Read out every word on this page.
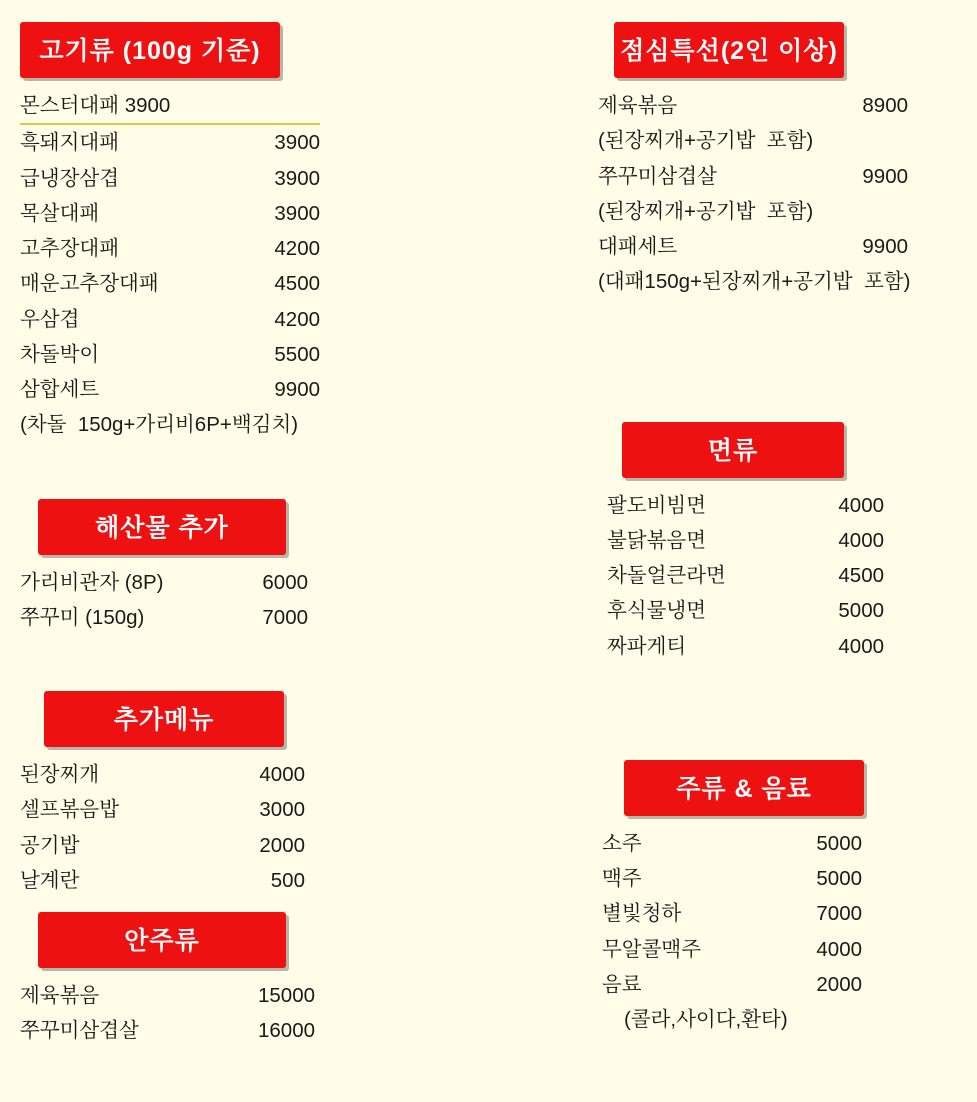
고기류 (100g 기준)
몬스터대패 3900
흑돼지대패	3900
급냉장삼겹	3900
목살대패	3900
고추장대패	4200
매운고추장대패	4500
우삼겹	4200
차돌박이	5500
삼합세트	9900
(차돌  150g+가리비6P+백김치)
해산물 추가
가리비관자 (8P)	6000
쭈꾸미 (150g)	7000
추가메뉴
된장찌개	4000
셀프볶음밥	3000
공기밥	2000
날계란	500
안주류
제육볶음	15000
쭈꾸미삼겹살	16000
점심특선(2인 이상)
제육볶음	8900
(된장찌개+공기밥  포함)
쭈꾸미삼겹살	9900
(된장찌개+공기밥  포함)
대패세트	9900
(대패150g+된장찌개+공기밥  포함)
면류
팔도비빔면	4000
불닭볶음면	4000
차돌얼큰라면	4500
후식물냉면	5000
짜파게티	4000
주류 & 음료
소주	5000
맥주	5000
별빛청하	7000
무알콜맥주	4000
음료	2000
(콜라,사이다,환타)
